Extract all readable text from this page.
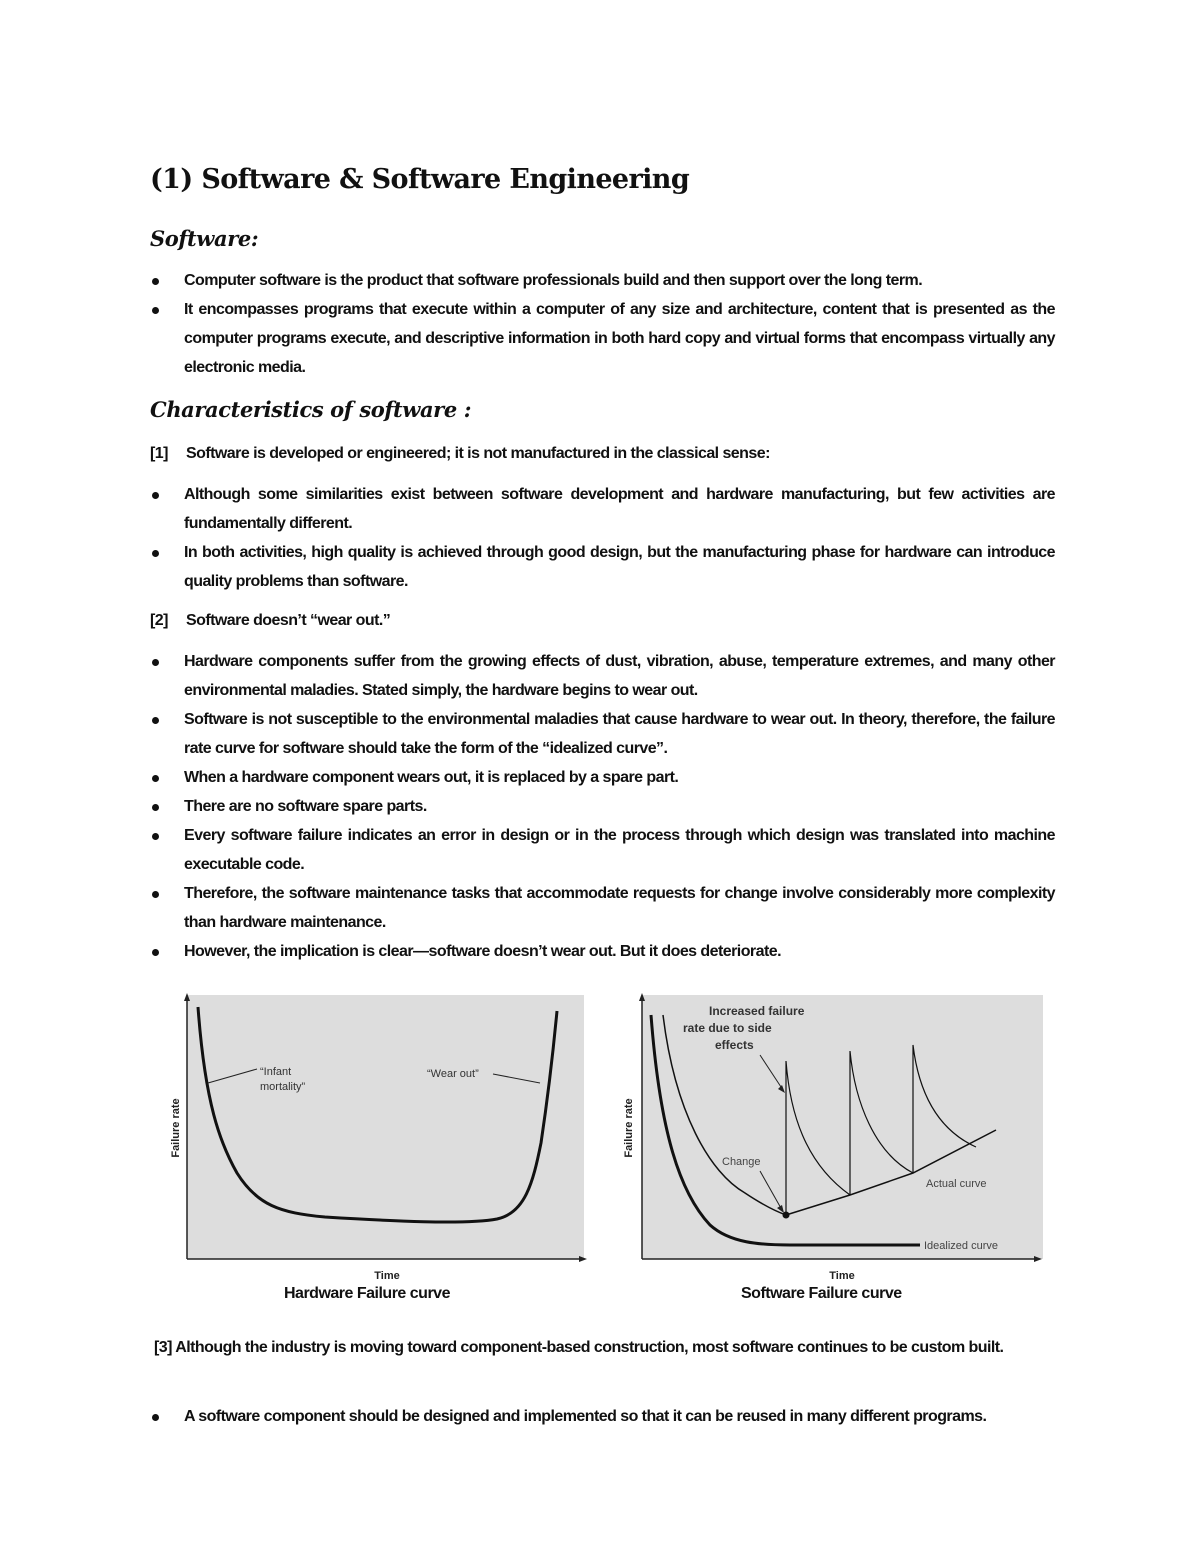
(1) Software & Software Engineering
Software:
Computer software is the product that software professionals build and then support over the long term.
It encompasses programs that execute within a computer of any size and architecture, content that is presented as the computer programs execute, and descriptive information in both hard copy and virtual forms that encompass virtually any electronic media.
Characteristics of software :
[1] Software is developed or engineered; it is not manufactured in the classical sense:
Although some similarities exist between software development and hardware manufacturing, but few activities are fundamentally different.
In both activities, high quality is achieved through good design, but the manufacturing phase for hardware can introduce quality problems than software.
[2] Software doesn’t “wear out.”
Hardware components suffer from the growing effects of dust, vibration, abuse, temperature extremes, and many other environmental maladies. Stated simply, the hardware begins to wear out.
Software is not susceptible to the environmental maladies that cause hardware to wear out. In theory, therefore, the failure rate curve for software should take the form of the “idealized curve”.
When a hardware component wears out, it is replaced by a spare part.
There are no software spare parts.
Every software failure indicates an error in design or in the process through which design was translated into machine executable code.
Therefore, the software maintenance tasks that accommodate requests for change involve considerably more complexity than hardware maintenance.
However, the implication is clear—software doesn’t wear out. But it does deteriorate.
[3] Although the industry is moving toward component-based construction, most software continues to be custom built.
A software component should be designed and implemented so that it can be reused in many different programs.
“Infant
mortality”
“Wear out”
Failure rate
Time
Hardware Failure curve
Increased failure
rate due to side
effects
Change
Actual curve
Idealized curve
Failure rate
Time
Software Failure curve
